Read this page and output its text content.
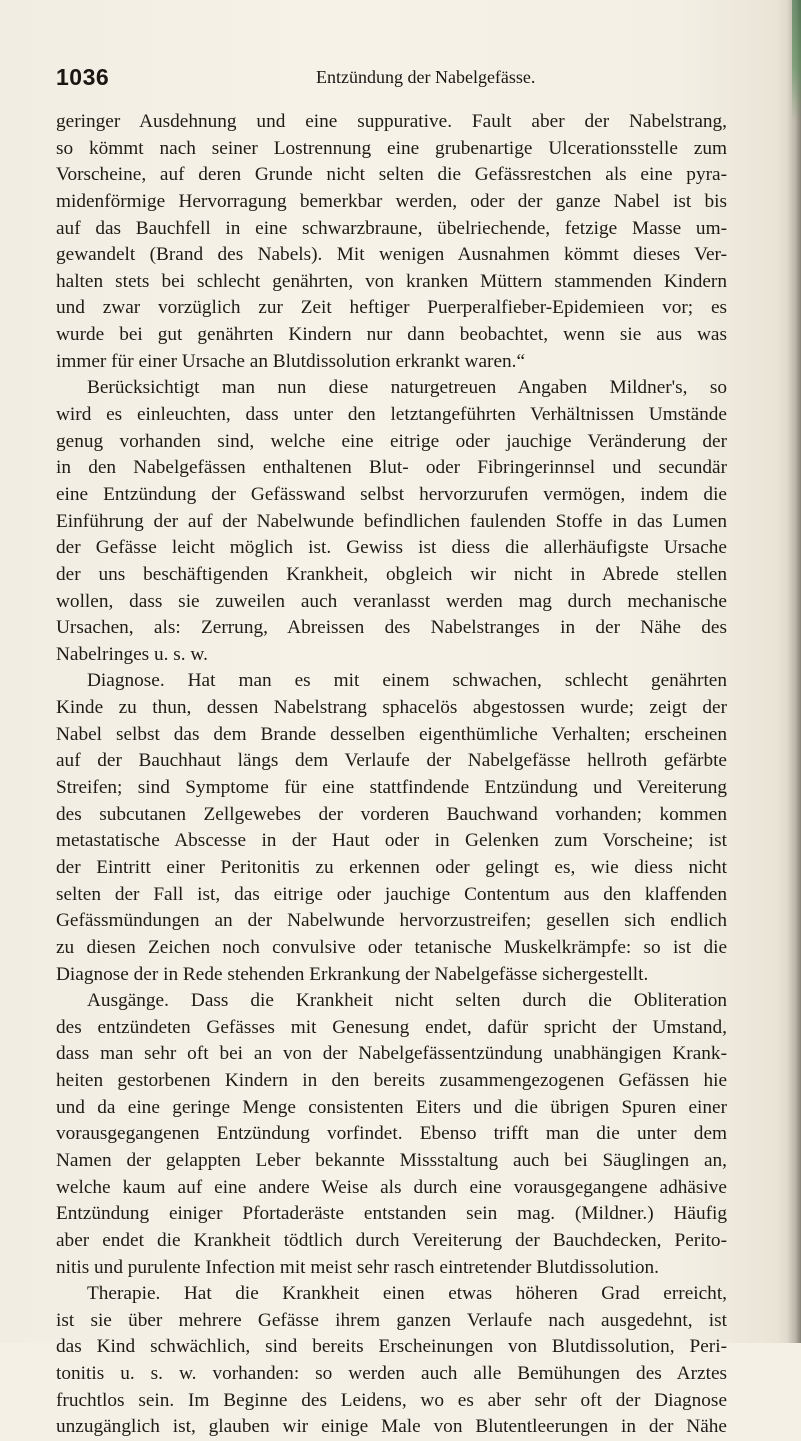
1036	Entzündung der Nabelgefässe.
geringer Ausdehnung und eine suppurative. Fault aber der Nabelstrang,
so kömmt nach seiner Lostrennung eine grubenartige Ulcerationsstelle zum
Vorscheine, auf deren Grunde nicht selten die Gefässrestchen als eine pyra-
midenförmige Hervorragung bemerkbar werden, oder der ganze Nabel ist bis
auf das Bauchfell in eine schwarzbraune, übelriechende, fetzige Masse um-
gewandelt (Brand des Nabels). Mit wenigen Ausnahmen kömmt dieses Ver-
halten stets bei schlecht genährten, von kranken Müttern stammenden Kindern
und zwar vorzüglich zur Zeit heftiger Puerperalfieber-Epidemieen vor; es
wurde bei gut genährten Kindern nur dann beobachtet, wenn sie aus was
immer für einer Ursache an Blutdissolution erkrankt waren.“
Berücksichtigt man nun diese naturgetreuen Angaben Mildner's, so
wird es einleuchten, dass unter den letztangeführten Verhältnissen Umstände
genug vorhanden sind, welche eine eitrige oder jauchige Veränderung der
in den Nabelgefässen enthaltenen Blut- oder Fibringerinnsel und secundär
eine Entzündung der Gefässwand selbst hervorzurufen vermögen, indem die
Einführung der auf der Nabelwunde befindlichen faulenden Stoffe in das Lumen
der Gefässe leicht möglich ist. Gewiss ist diess die allerhäufigste Ursache
der uns beschäftigenden Krankheit, obgleich wir nicht in Abrede stellen
wollen, dass sie zuweilen auch veranlasst werden mag durch mechanische
Ursachen, als: Zerrung, Abreissen des Nabelstranges in der Nähe des
Nabelringes u. s. w.
Diagnose. Hat man es mit einem schwachen, schlecht genährten
Kinde zu thun, dessen Nabelstrang sphacelös abgestossen wurde; zeigt der
Nabel selbst das dem Brande desselben eigenthümliche Verhalten; erscheinen
auf der Bauchhaut längs dem Verlaufe der Nabelgefässe hellroth gefärbte
Streifen; sind Symptome für eine stattfindende Entzündung und Vereiterung
des subcutanen Zellgewebes der vorderen Bauchwand vorhanden; kommen
metastatische Abscesse in der Haut oder in Gelenken zum Vorscheine; ist
der Eintritt einer Peritonitis zu erkennen oder gelingt es, wie diess nicht
selten der Fall ist, das eitrige oder jauchige Contentum aus den klaffenden
Gefässmündungen an der Nabelwunde hervorzustreifen; gesellen sich endlich
zu diesen Zeichen noch convulsive oder tetanische Muskelkrämpfe: so ist die
Diagnose der in Rede stehenden Erkrankung der Nabelgefässe sichergestellt.
Ausgänge. Dass die Krankheit nicht selten durch die Obliteration
des entzündeten Gefässes mit Genesung endet, dafür spricht der Umstand,
dass man sehr oft bei an von der Nabelgefässentzündung unabhängigen Krank-
heiten gestorbenen Kindern in den bereits zusammengezogenen Gefässen hie
und da eine geringe Menge consistenten Eiters und die übrigen Spuren einer
vorausgegangenen Entzündung vorfindet. Ebenso trifft man die unter dem
Namen der gelappten Leber bekannte Missstaltung auch bei Säuglingen an,
welche kaum auf eine andere Weise als durch eine vorausgegangene adhäsive
Entzündung einiger Pfortaderäste entstanden sein mag. (Mildner.) Häufig
aber endet die Krankheit tödtlich durch Vereiterung der Bauchdecken, Perito-
nitis und purulente Infection mit meist sehr rasch eintretender Blutdissolution.
Therapie. Hat die Krankheit einen etwas höheren Grad erreicht,
ist sie über mehrere Gefässe ihrem ganzen Verlaufe nach ausgedehnt, ist
das Kind schwächlich, sind bereits Erscheinungen von Blutdissolution, Peri-
tonitis u. s. w. vorhanden: so werden auch alle Bemühungen des Arztes
fruchtlos sein. Im Beginne des Leidens, wo es aber sehr oft der Diagnose
unzugänglich ist, glauben wir einige Male von Blutentleerungen in der Nähe
